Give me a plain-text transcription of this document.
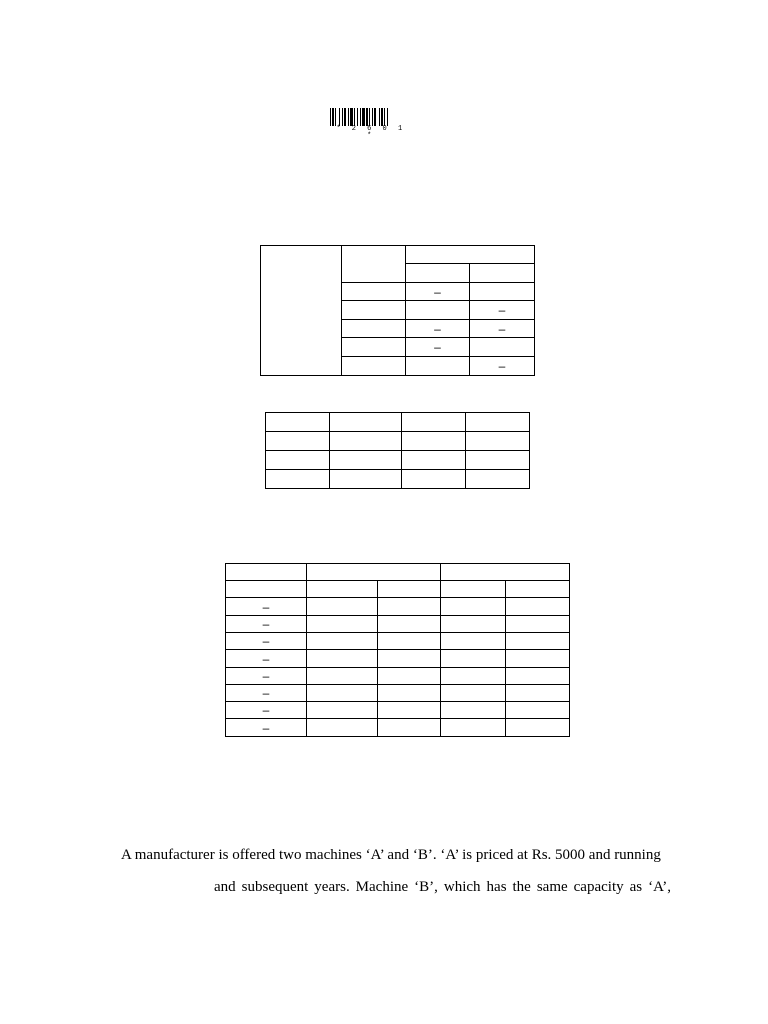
* 2 6 0 1 *

		–	
			–
		–	–
		–	
			–

–				
–				
–				
–				
–				
–				
–				
–				
A manufacturer is offered two machines ‘A’ and ‘B’. ‘A’ is priced at Rs. 5000 and running
and subsequent years. Machine ‘B’, which has the same capacity as ‘A’,
